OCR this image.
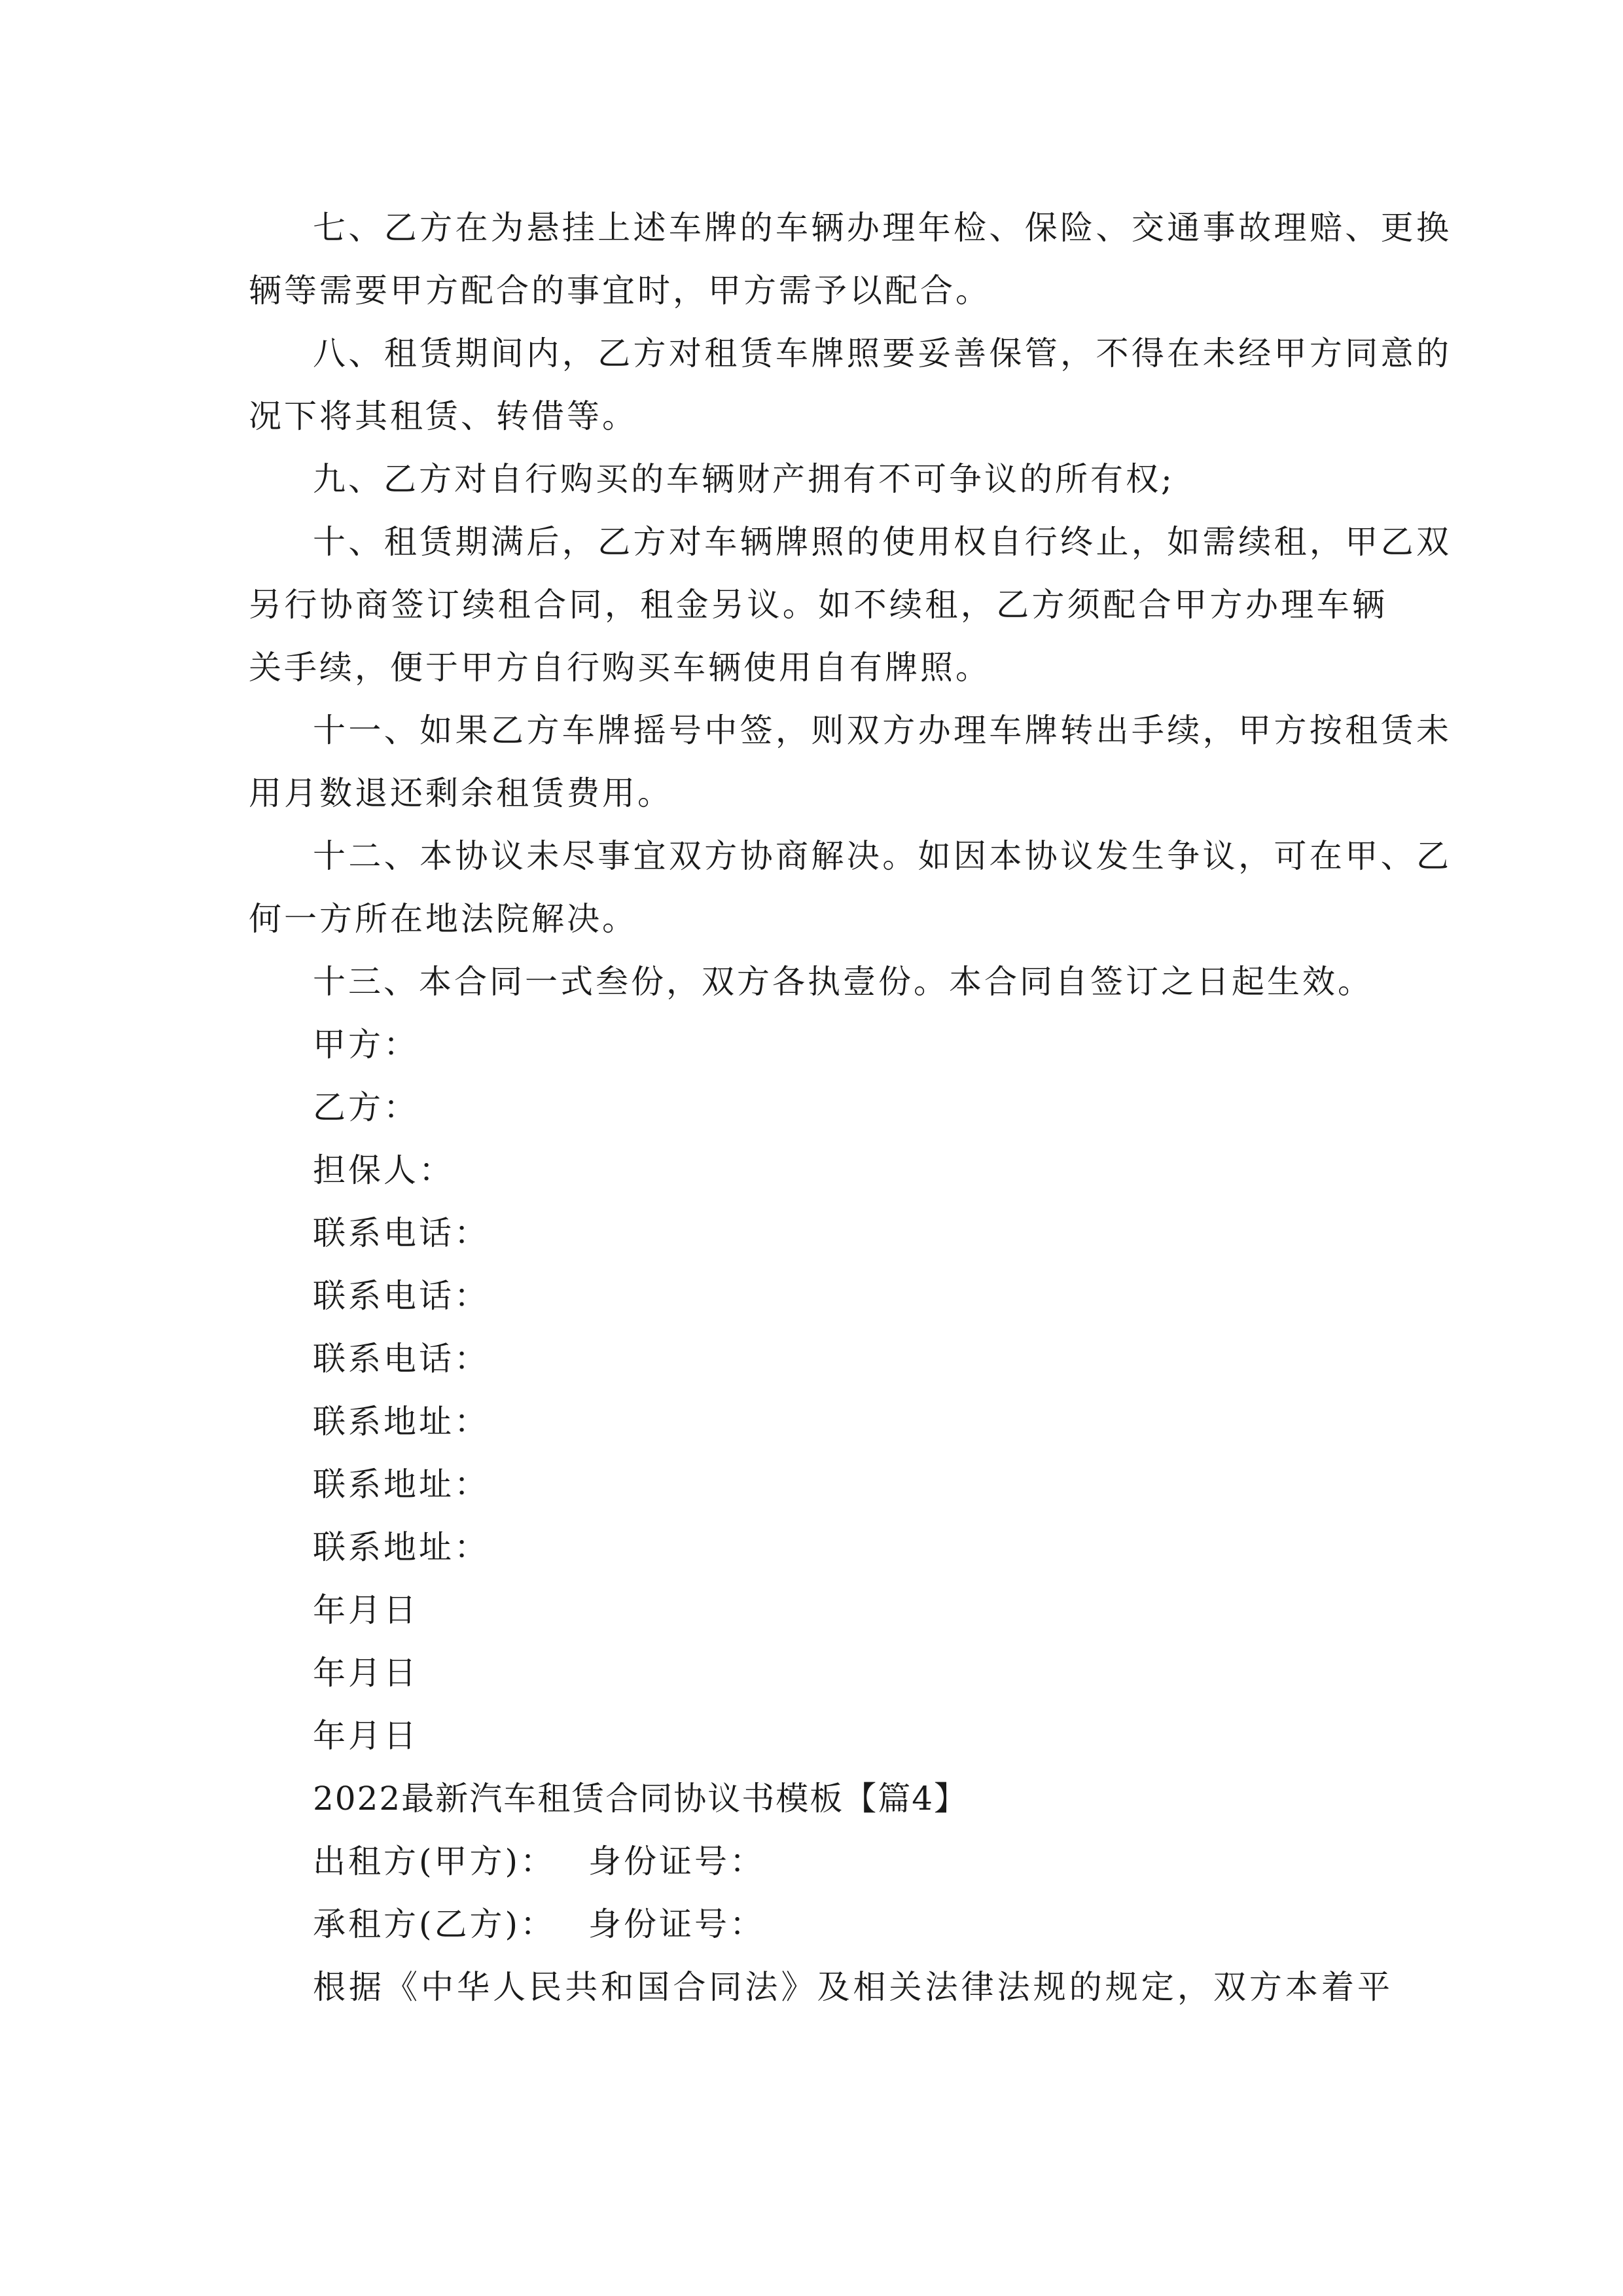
七、乙方在为悬挂上述车牌的车辆办理年检、保险、交通事故理赔、更换
辆等需要甲方配合的事宜时，甲方需予以配合。
八、租赁期间内，乙方对租赁车牌照要妥善保管，不得在未经甲方同意的
况下将其租赁、转借等。
九、乙方对自行购买的车辆财产拥有不可争议的所有权;
十、租赁期满后，乙方对车辆牌照的使用权自行终止，如需续租，甲乙双
另行协商签订续租合同，租金另议。如不续租，乙方须配合甲方办理车辆
关手续，便于甲方自行购买车辆使用自有牌照。
十一、如果乙方车牌摇号中签，则双方办理车牌转出手续，甲方按租赁未
用月数退还剩余租赁费用。
十二、本协议未尽事宜双方协商解决。如因本协议发生争议，可在甲、乙
何一方所在地法院解决。
十三、本合同一式叁份，双方各执壹份。本合同自签订之日起生效。
甲方：
乙方：
担保人：
联系电话：
联系电话：
联系电话：
联系地址：
联系地址：
联系地址：
年月日
年月日
年月日
2022最新汽车租赁合同协议书模板【篇4】
出租方(甲方)： 身份证号：
承租方(乙方)： 身份证号：
根据《中华人民共和国合同法》及相关法律法规的规定，双方本着平
